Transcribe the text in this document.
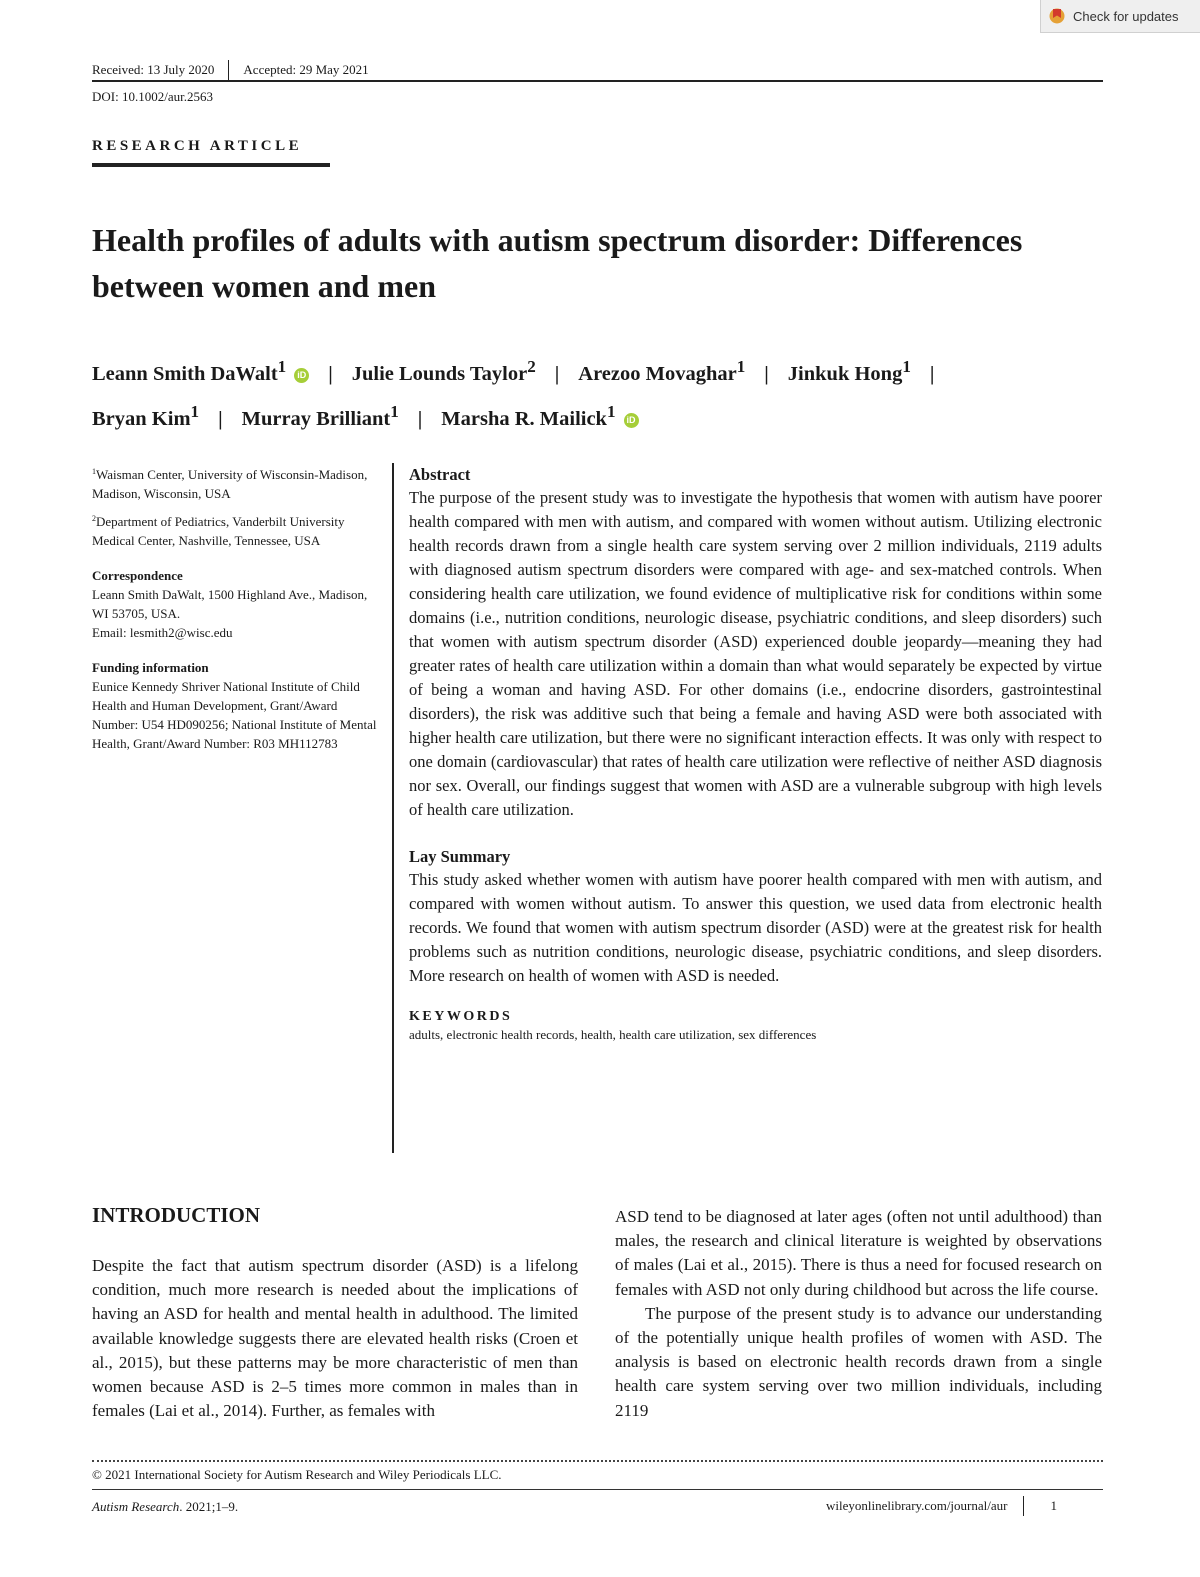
Check for updates
Received: 13 July 2020 Accepted: 29 May 2021
DOI: 10.1002/aur.2563
RESEARCH ARTICLE
Health profiles of adults with autism spectrum disorder: Differences between women and men
Leann Smith DaWalt$^1$ iD | Julie Lounds Taylor$^2$ | Arezoo Movaghar$^1$ | Jinkuk Hong$^1$ |
Bryan Kim$^1$ | Murray Brilliant$^1$ | Marsha R. Mailick$^1$ iD

$^1$Waisman Center, University of Wisconsin-Madison, Madison, Wisconsin, USA

$^2$Department of Pediatrics, Vanderbilt University Medical Center, Nashville, Tennessee, USA

Correspondence

Leann Smith DaWalt, 1500 Highland Ave., Madison, WI 53705, USA.

Email: lesmith2@wisc.edu

Funding information

Eunice Kennedy Shriver National Institute of Child Health and Human Development, Grant/Award Number: U54 HD090256; National Institute of Mental Health, Grant/Award Number: R03 MH112783

Abstract

The purpose of the present study was to investigate the hypothesis that women with autism have poorer health compared with men with autism, and compared with women without autism. Utilizing electronic health records drawn from a single health care system serving over 2 million individuals, 2119 adults with diagnosed autism spectrum disorders were compared with age- and sex-matched controls. When considering health care utilization, we found evidence of multiplicative risk for conditions within some domains (i.e., nutrition conditions, neurologic disease, psychiatric conditions, and sleep disorders) such that women with autism spectrum disorder (ASD) experienced double jeopardy—meaning they had greater rates of health care utilization within a domain than what would separately be expected by virtue of being a woman and having ASD. For other domains (i.e., endocrine disorders, gastrointestinal disorders), the risk was additive such that being a female and having ASD were both associated with higher health care utilization, but there were no significant interaction effects. It was only with respect to one domain (cardiovascular) that rates of health care utilization were reflective of neither ASD diagnosis nor sex. Overall, our findings suggest that women with ASD are a vulnerable subgroup with high levels of health care utilization.

Lay Summary

This study asked whether women with autism have poorer health compared with men with autism, and compared with women without autism. To answer this question, we used data from electronic health records. We found that women with autism spectrum disorder (ASD) were at the greatest risk for health problems such as nutrition conditions, neurologic disease, psychiatric conditions, and sleep disorders. More research on health of women with ASD is needed.

KEYWORDS
adults, electronic health records, health, health care utilization, sex differences
INTRODUCTION

Despite the fact that autism spectrum disorder (ASD) is a lifelong condition, much more research is needed about the implications of having an ASD for health and mental health in adulthood. The limited available knowledge suggests there are elevated health risks (Croen et al., 2015), but these patterns may be more characteristic of men than women because ASD is 2–5 times more common in males than in females (Lai et al., 2014). Further, as females with

ASD tend to be diagnosed at later ages (often not until adulthood) than males, the research and clinical literature is weighted by observations of males (Lai et al., 2015). There is thus a need for focused research on females with ASD not only during childhood but across the life course.

The purpose of the present study is to advance our understanding of the potentially unique health profiles of women with ASD. The analysis is based on electronic health records drawn from a single health care system serving over two million individuals, including 2119

© 2021 International Society for Autism Research and Wiley Periodicals LLC.
Autism Research. 2021;1–9.	wileyonlinelibrary.com/journal/aur	1
